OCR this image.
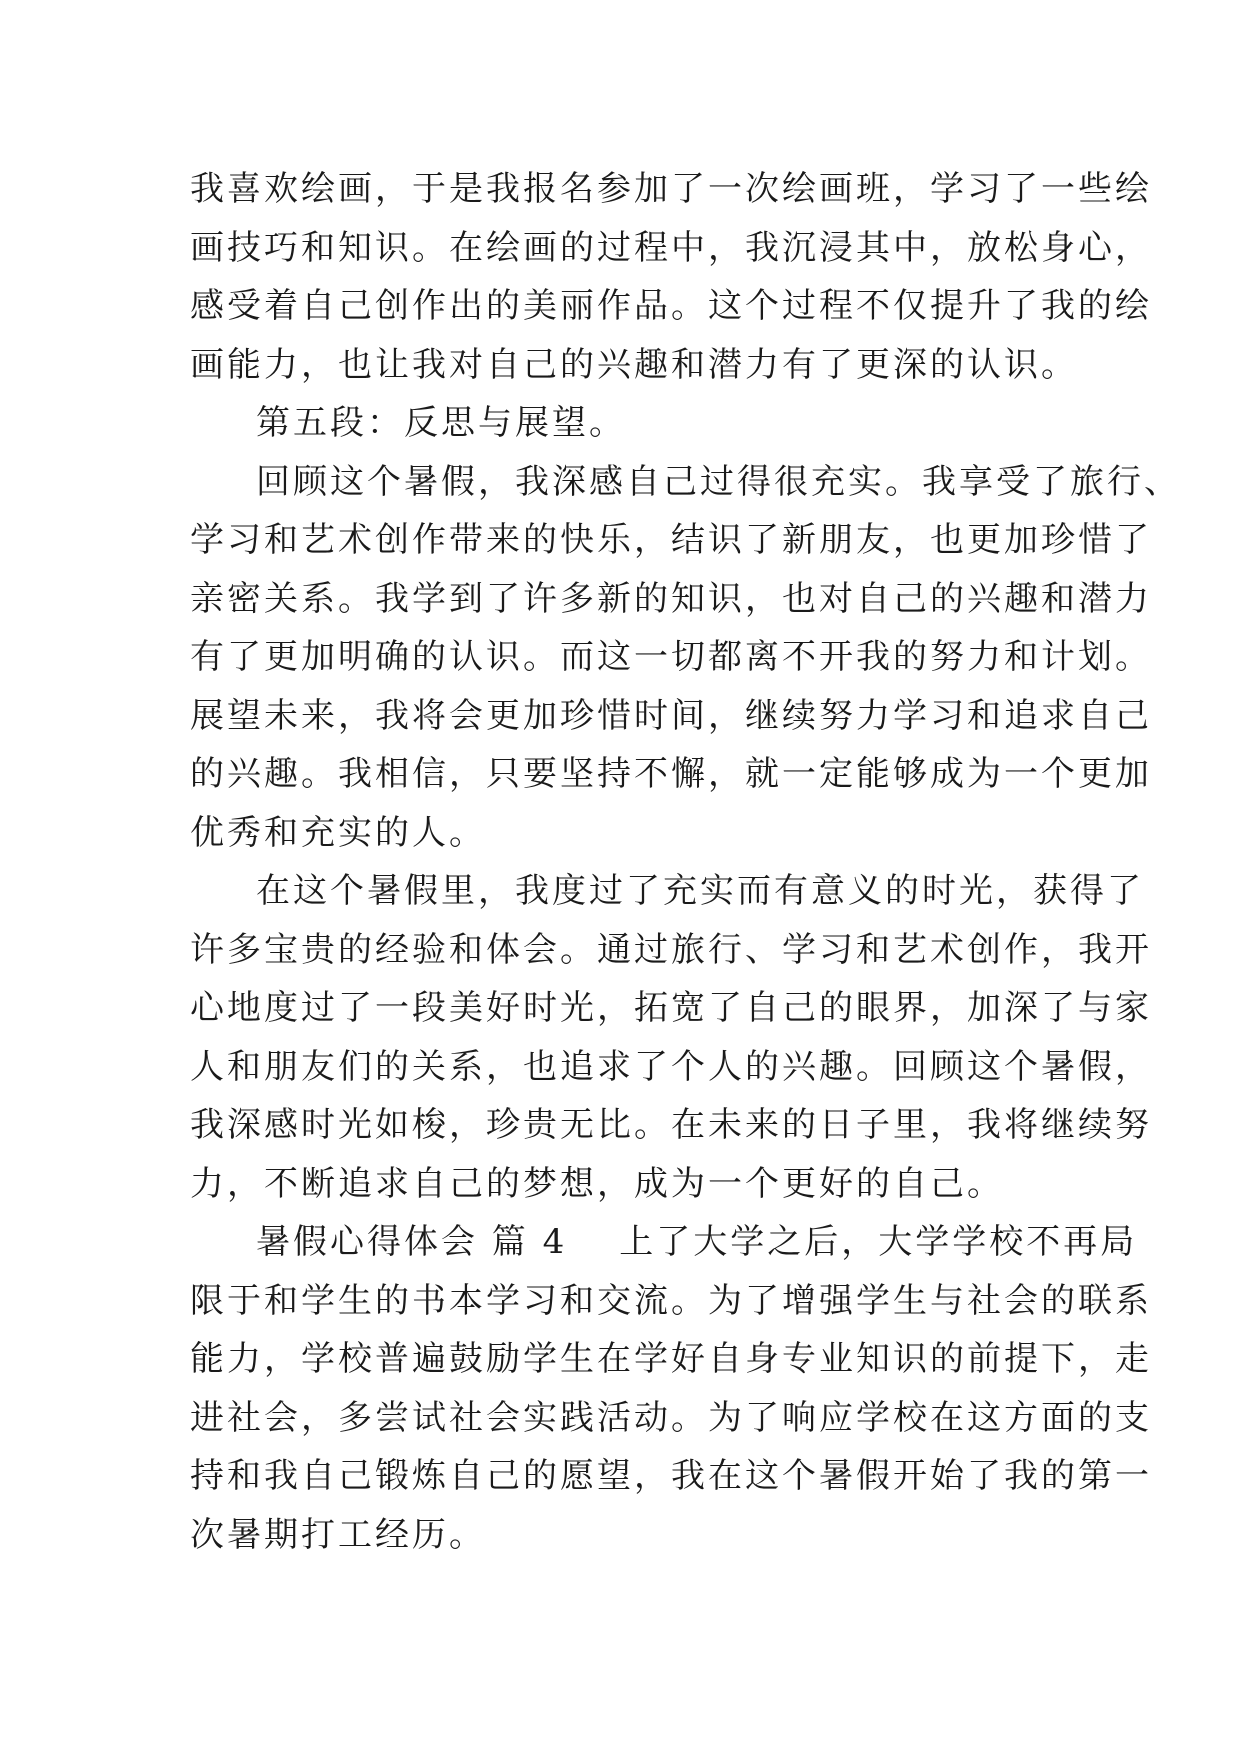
我喜欢绘画，于是我报名参加了一次绘画班，学习了一些绘
画技巧和知识。在绘画的过程中，我沉浸其中，放松身心，
感受着自己创作出的美丽作品。这个过程不仅提升了我的绘
画能力，也让我对自己的兴趣和潜力有了更深的认识。
第五段：反思与展望。
回顾这个暑假，我深感自己过得很充实。我享受了旅行、
学习和艺术创作带来的快乐，结识了新朋友，也更加珍惜了
亲密关系。我学到了许多新的知识，也对自己的兴趣和潜力
有了更加明确的认识。而这一切都离不开我的努力和计划。
展望未来，我将会更加珍惜时间，继续努力学习和追求自己
的兴趣。我相信，只要坚持不懈，就一定能够成为一个更加
优秀和充实的人。
在这个暑假里，我度过了充实而有意义的时光，获得了
许多宝贵的经验和体会。通过旅行、学习和艺术创作，我开
心地度过了一段美好时光，拓宽了自己的眼界，加深了与家
人和朋友们的关系，也追求了个人的兴趣。回顾这个暑假，
我深感时光如梭，珍贵无比。在未来的日子里，我将继续努
力，不断追求自己的梦想，成为一个更好的自己。
暑假心得体会 篇 4 上了大学之后，大学学校不再局
限于和学生的书本学习和交流。为了增强学生与社会的联系
能力，学校普遍鼓励学生在学好自身专业知识的前提下，走
进社会，多尝试社会实践活动。为了响应学校在这方面的支
持和我自己锻炼自己的愿望，我在这个暑假开始了我的第一
次暑期打工经历。
